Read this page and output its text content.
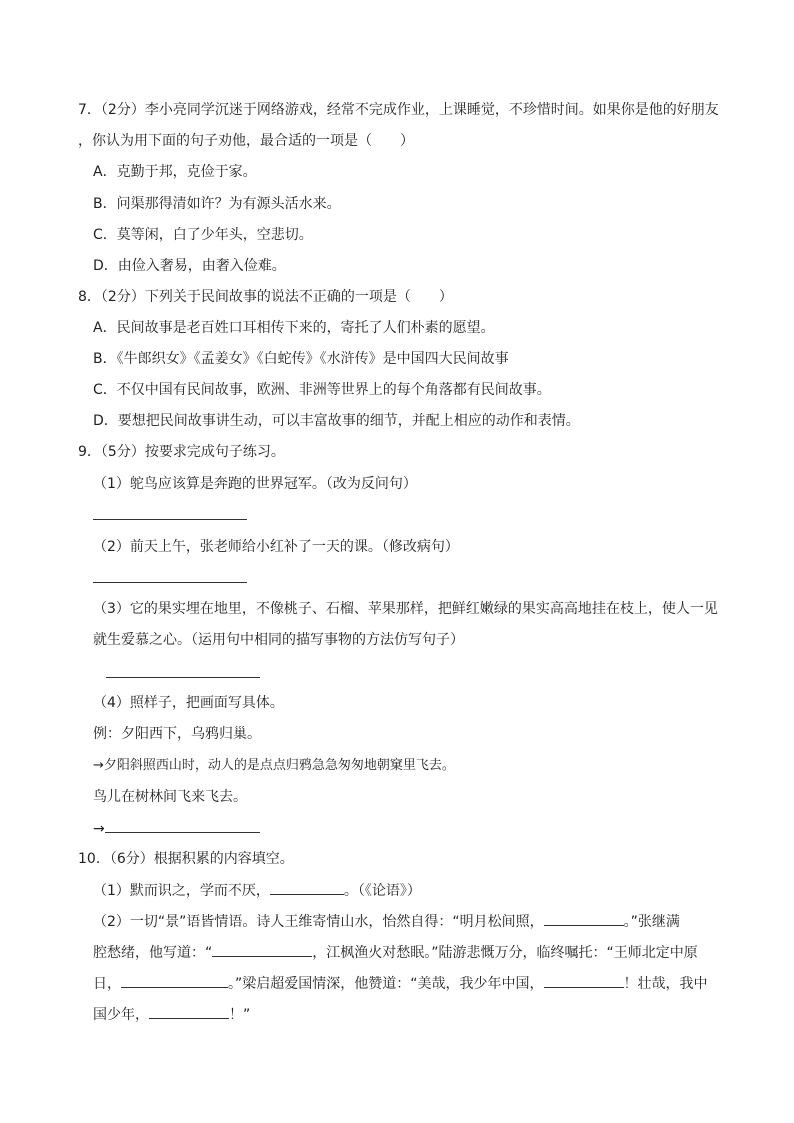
7．（2分）李小亮同学沉迷于网络游戏，经常不完成作业，上课睡觉，不珍惜时间。如果你是他的好朋友
，你认为用下面的句子劝他，最合适的一项是（　　）
A．克勤于邦，克俭于家。
B．问渠那得清如许？为有源头活水来。
C．莫等闲，白了少年头，空悲切。
D．由俭入奢易，由奢入俭难。
8．（2分）下列关于民间故事的说法不正确的一项是（　　）
A．民间故事是老百姓口耳相传下来的，寄托了人们朴素的愿望。
B．《牛郎织女》《孟姜女》《白蛇传》《水浒传》是中国四大民间故事
C．不仅中国有民间故事，欧洲、非洲等世界上的每个角落都有民间故事。
D．要想把民间故事讲生动，可以丰富故事的细节，并配上相应的动作和表情。
9．（5分）按要求完成句子练习。
（1）鸵鸟应该算是奔跑的世界冠军。（改为反问句）
（2）前天上午，张老师给小红补了一天的课。（修改病句）
（3）它的果实埋在地里，不像桃子、石榴、苹果那样，把鲜红嫩绿的果实高高地挂在枝上，使人一见
就生爱慕之心。（运用句中相同的描写事物的方法仿写句子）
（4）照样子，把画面写具体。
例：夕阳西下，乌鸦归巢。
→夕阳斜照西山时，动人的是点点归鸦急急匆匆地朝窠里飞去。
鸟儿在树林间飞来飞去。
→
10．（6分）根据积累的内容填空。
（1）默而识之，学而不厌，	。（《论语》）
（2）一切“景”语皆情语。诗人王维寄情山水，怡然自得：“明月松间照，	。”张继满
腔愁绪，他写道：“	，江枫渔火对愁眠。”陆游悲慨万分，临终嘱托：“王师北定中原
日，	。”梁启超爱国情深，他赞道：“美哉，我少年中国，	！壮哉，我中
国少年，	！”
